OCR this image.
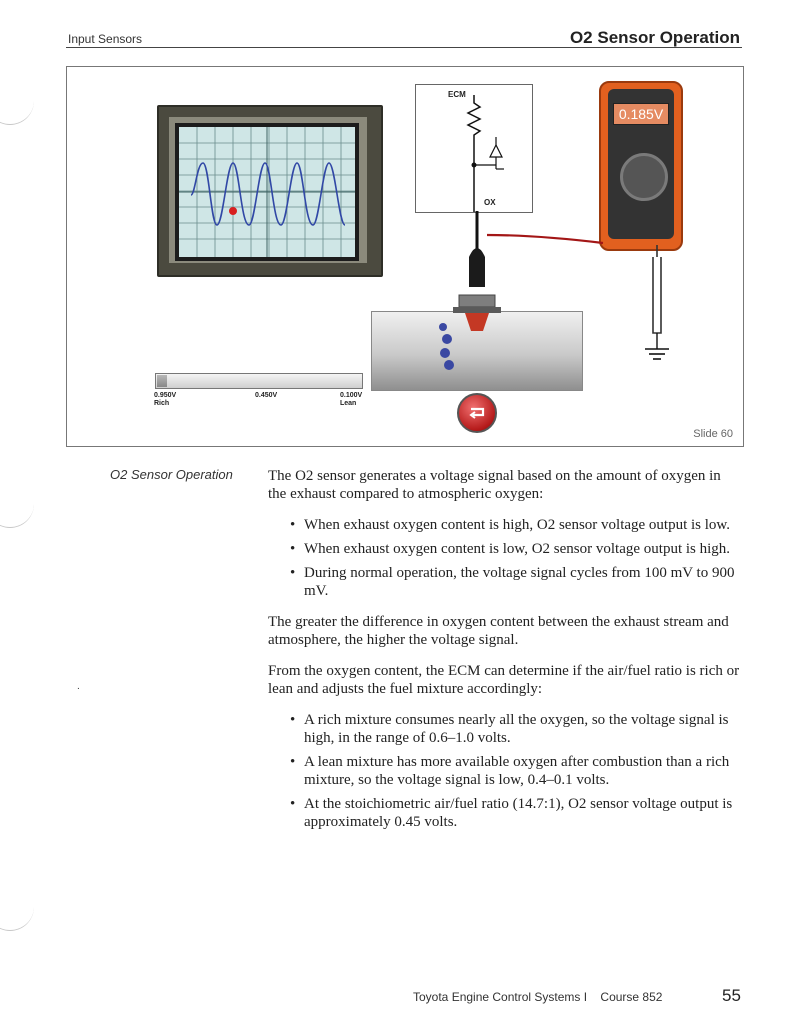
Input Sensors	O2 Sensor Operation
0.950V
Rich
0.450V	0.100V
Lean
ECM
OX
0.185V
Slide 60
O2 Sensor Operation The O2 sensor generates a voltage signal based on the amount of oxygen in the exhaust compared to atmospheric oxygen:

• When exhaust oxygen content is high, O2 sensor voltage output is low.
• When exhaust oxygen content is low, O2 sensor voltage output is high.
• During normal operation, the voltage signal cycles from 100 mV to 900 mV.

The greater the difference in oxygen content between the exhaust stream and atmosphere, the higher the voltage signal.

From the oxygen content, the ECM can determine if the air/fuel ratio is rich or lean and adjusts the fuel mixture accordingly:

• A rich mixture consumes nearly all the oxygen, so the voltage signal is high, in the range of 0.6–1.0 volts.
• A lean mixture has more available oxygen after combustion than a rich mixture, so the voltage signal is low, 0.4–0.1 volts.
• At the stoichiometric air/fuel ratio (14.7:1), O2 sensor voltage output is approximately 0.45 volts.
.
Toyota Engine Control Systems I    Course 852	55
